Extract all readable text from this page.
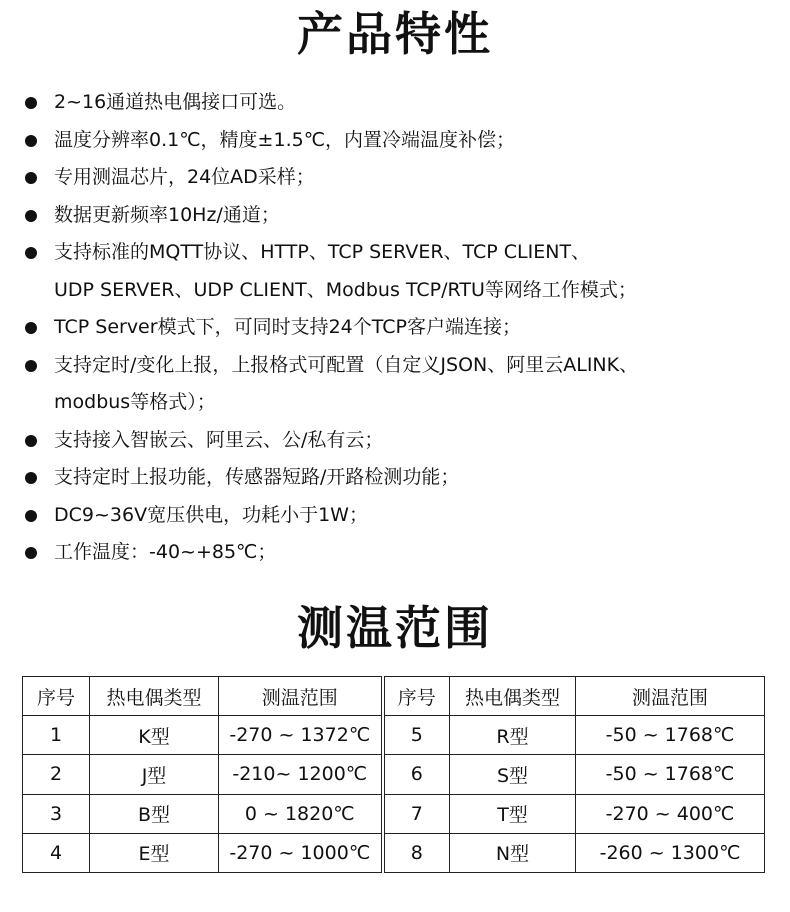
产品特性
2~16通道热电偶接口可选。
温度分辨率0.1℃，精度±1.5℃，内置冷端温度补偿；
专用测温芯片，24位AD采样；
数据更新频率10Hz/通道；
支持标准的MQTT协议、HTTP、TCP SERVER、TCP CLIENT、
UDP SERVER、UDP CLIENT、Modbus TCP/RTU等网络工作模式；
TCP Server模式下，可同时支持24个TCP客户端连接；
支持定时/变化上报，上报格式可配置（自定义JSON、阿里云ALINK、
modbus等格式）；
支持接入智嵌云、阿里云、公/私有云；
支持定时上报功能，传感器短路/开路检测功能；
DC9~36V宽压供电，功耗小于1W；
工作温度：-40~+85℃；
测温范围
序号	热电偶类型	测温范围	序号	热电偶类型	测温范围
1	K型	-270 ~ 1372℃	5	R型	-50 ~ 1768℃
2	J型	-210~ 1200℃	6	S型	-50 ~ 1768℃
3	B型	0 ~ 1820℃	7	T型	-270 ~ 400℃
4	E型	-270 ~ 1000℃	8	N型	-260 ~ 1300℃
